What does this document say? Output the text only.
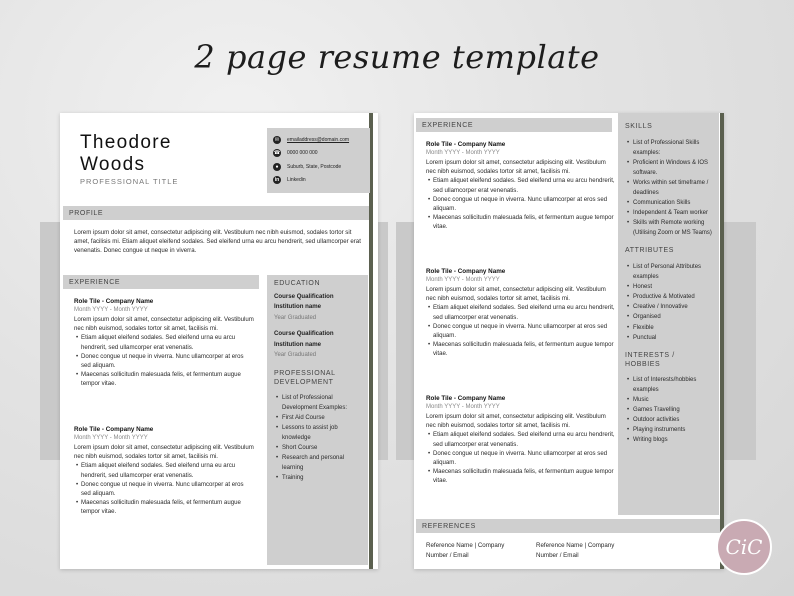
2 page resume template
Theodore
Woods
PROFESSIONAL TITLE
✉	emailaddress@domain.com
☎ 0000 000 000
●	Suburb, State, Postcode
in	Linkedin
PROFILE
Lorem ipsum dolor sit amet, consectetur adipiscing elit. Vestibulum nec nibh euismod, sodales tortor sit amet, facilisis mi. Etiam aliquet eleifend sodales. Sed eleifend urna eu arcu hendrerit, sed ullamcorper erat venenatis. Donec congue ut neque in viverra.
EXPERIENCE
Role Tile - Company Name
Month YYYY - Month YYYY
Lorem ipsum dolor sit amet, consectetur adipiscing elit. Vestibulum nec nibh euismod, sodales tortor sit amet, facilisis mi.
• Etiam aliquet eleifend sodales. Sed eleifend urna eu arcu hendrerit, sed ullamcorper erat venenatis.
• Donec congue ut neque in viverra. Nunc ullamcorper at eros sed aliquam.
• Maecenas sollicitudin malesuada felis, et fermentum augue tempor vitae.
Role Tile - Company Name
Month YYYY - Month YYYY
Lorem ipsum dolor sit amet, consectetur adipiscing elit. Vestibulum nec nibh euismod, sodales tortor sit amet, facilisis mi.
• Etiam aliquet eleifend sodales. Sed eleifend urna eu arcu hendrerit, sed ullamcorper erat venenatis.
• Donec congue ut neque in viverra. Nunc ullamcorper at eros sed aliquam.
• Maecenas sollicitudin malesuada felis, et fermentum augue tempor vitae.
EDUCATION
Course Qualification
Institution name
Year Graduated
Course Qualification
Institution name
Year Graduated
PROFESSIONAL
DEVELOPMENT
• List of Professional Development Examples:
• First Aid Course
• Lessons to assist job knowledge
• Short Course
• Research and personal learning
• Training
EXPERIENCE
Role Tile - Company Name
Month YYYY - Month YYYY
Lorem ipsum dolor sit amet, consectetur adipiscing elit. Vestibulum nec nibh euismod, sodales tortor sit amet, facilisis mi.
• Etiam aliquet eleifend sodales. Sed eleifend urna eu arcu hendrerit, sed ullamcorper erat venenatis.
• Donec congue ut neque in viverra. Nunc ullamcorper at eros sed aliquam.
• Maecenas sollicitudin malesuada felis, et fermentum augue tempor vitae.
Role Tile - Company Name
Month YYYY - Month YYYY
Lorem ipsum dolor sit amet, consectetur adipiscing elit. Vestibulum nec nibh euismod, sodales tortor sit amet, facilisis mi.
• Etiam aliquet eleifend sodales. Sed eleifend urna eu arcu hendrerit, sed ullamcorper erat venenatis.
• Donec congue ut neque in viverra. Nunc ullamcorper at eros sed aliquam.
• Maecenas sollicitudin malesuada felis, et fermentum augue tempor vitae.
Role Tile - Company Name
Month YYYY - Month YYYY
Lorem ipsum dolor sit amet, consectetur adipiscing elit. Vestibulum nec nibh euismod, sodales tortor sit amet, facilisis mi.
• Etiam aliquet eleifend sodales. Sed eleifend urna eu arcu hendrerit, sed ullamcorper erat venenatis.
• Donec congue ut neque in viverra. Nunc ullamcorper at eros sed aliquam.
• Maecenas sollicitudin malesuada felis, et fermentum augue tempor vitae.
SKILLS
• List of Professional Skills examples:
• Proficient in Windows & IOS software.
• Works within set timeframe / deadlines
• Communication Skills
• Independent & Team worker
• Skills with Remote working (Utilising Zoom or MS Teams)
ATTRIBUTES
• List of Personal Attributes examples
• Honest
• Productive & Motivated
• Creative / Innovative
• Organised
• Flexible
• Punctual
INTERESTS /
HOBBIES
• List of Interests/hobbies examples
• Music
• Games Travelling
• Outdoor activities
• Playing instruments
• Writing blogs
REFERENCES
Reference Name | Company
Number / Email
Reference Name | Company
Number / Email	CiC
